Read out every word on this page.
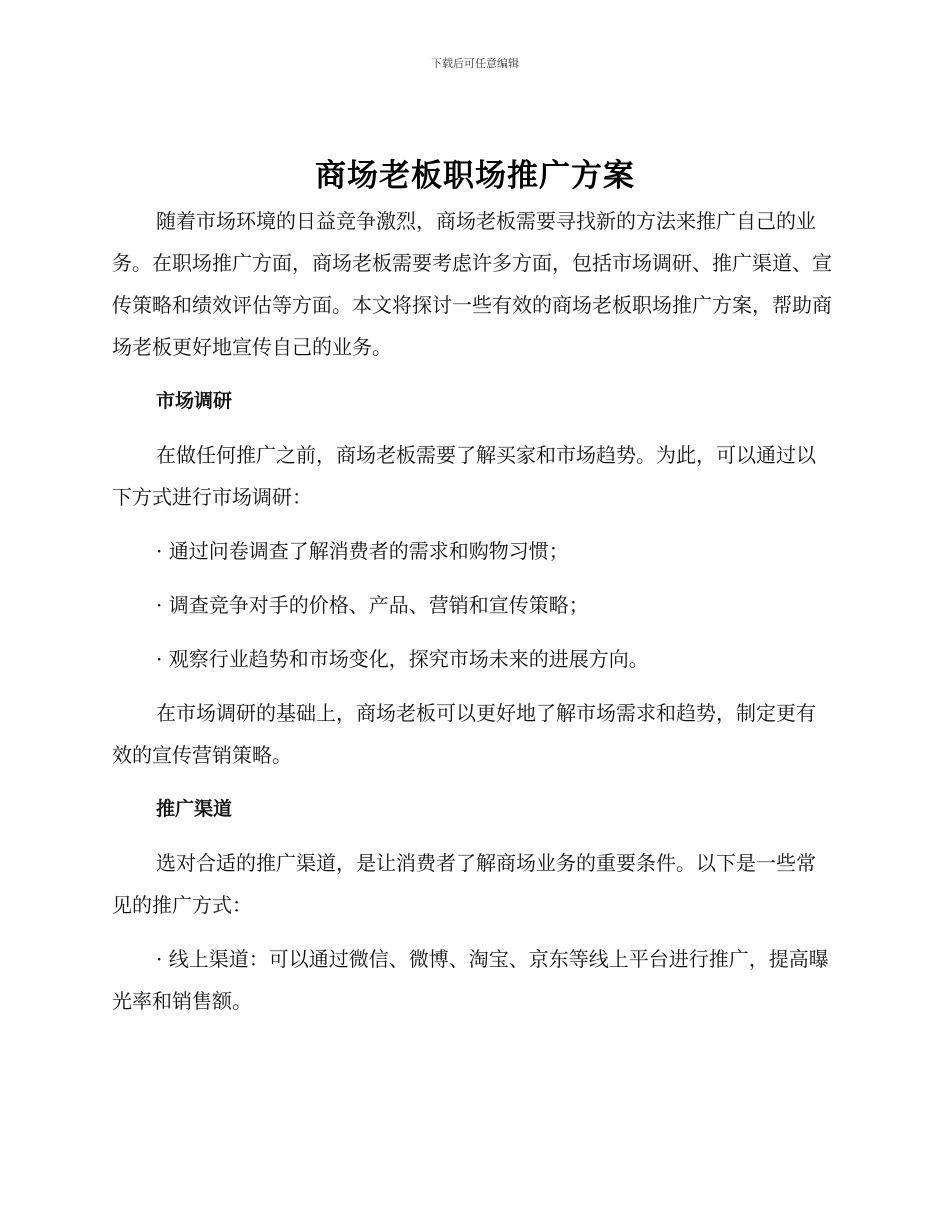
下载后可任意编辑
商场老板职场推广方案

随着市场环境的日益竞争激烈，商场老板需要寻找新的方法来推广自己的业务。在职场推广方面，商场老板需要考虑许多方面，包括市场调研、推广渠道、宣传策略和绩效评估等方面。本文将探讨一些有效的商场老板职场推广方案，帮助商场老板更好地宣传自己的业务。

市场调研

在做任何推广之前，商场老板需要了解买家和市场趋势。为此，可以通过以下方式进行市场调研：

· 通过问卷调查了解消费者的需求和购物习惯；

· 调查竞争对手的价格、产品、营销和宣传策略；

· 观察行业趋势和市场变化，探究市场未来的进展方向。

在市场调研的基础上，商场老板可以更好地了解市场需求和趋势，制定更有效的宣传营销策略。

推广渠道

选对合适的推广渠道，是让消费者了解商场业务的重要条件。以下是一些常见的推广方式：

· 线上渠道：可以通过微信、微博、淘宝、京东等线上平台进行推广，提高曝光率和销售额。
